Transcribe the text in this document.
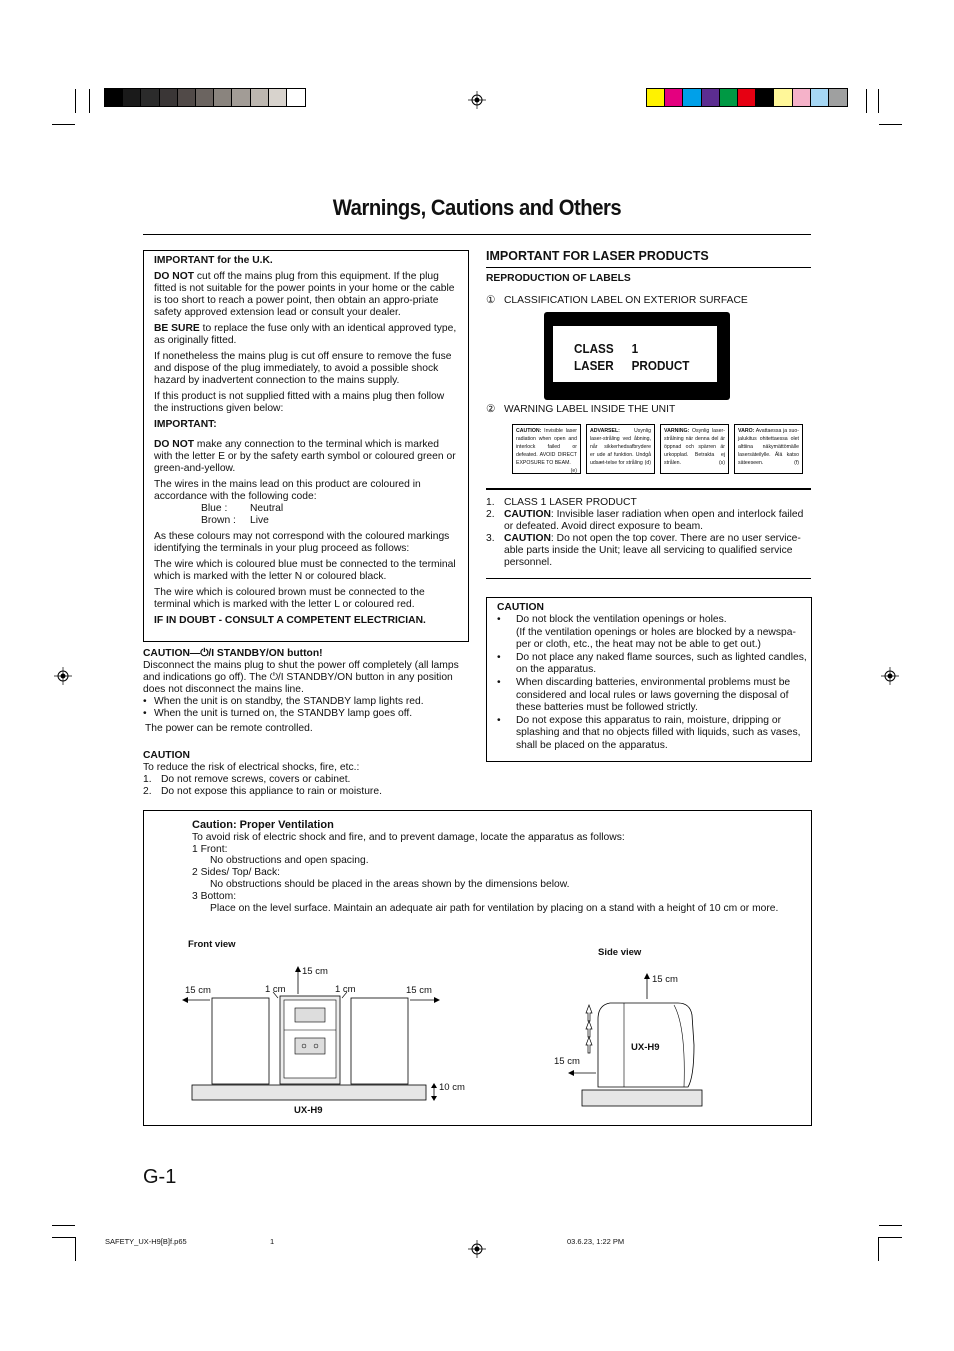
Warnings, Cautions and Others

IMPORTANT for the U.K.

DO NOT cut off the mains plug from this equipment. If the plug fitted is not suitable for the power points in your home or the cable is too short to reach a power point, then obtain an appro-priate safety approved extension lead or consult your dealer.

BE SURE to replace the fuse only with an identical approved type, as originally fitted.

If nonetheless the mains plug is cut off ensure to remove the fuse and dispose of the plug immediately, to avoid a possible shock hazard by inadvertent connection to the mains supply.

If this product is not supplied fitted with a mains plug then follow the instructions given below:

IMPORTANT:

DO NOT make any connection to the terminal which is marked with the letter E or by the safety earth symbol or coloured green or green-and-yellow.

The wires in the mains lead on this product are coloured in accordance with the following code:

Blue : Neutral
Brown : Live

As these colours may not correspond with the coloured markings identifying the terminals in your plug proceed as follows:

The wire which is coloured blue must be connected to the terminal which is marked with the letter N or coloured black.

The wire which is coloured brown must be connected to the terminal which is marked with the letter L or coloured red.

IF IN DOUBT - CONSULT A COMPETENT ELECTRICIAN.

CAUTION—⏻/I STANDBY/ON button!

Disconnect the mains plug to shut the power off completely (all lamps and indications go off). The ⏻/I STANDBY/ON button in any position does not disconnect the mains line.

• When the unit is on standby, the STANDBY lamp lights red.
• When the unit is turned on, the STANDBY lamp goes off.

The power can be remote controlled.

CAUTION

To reduce the risk of electrical shocks, fire, etc.:

1. Do not remove screws, covers or cabinet.
2. Do not expose this appliance to rain or moisture.
IMPORTANT FOR LASER PRODUCTS
REPRODUCTION OF LABELS
① CLASSIFICATION LABEL ON EXTERIOR SURFACE
CLASS 1
LASER PRODUCT
② WARNING LABEL INSIDE THE UNIT
CAUTION: Invisible laser radiation when open and interlock failed or defeated. AVOID DIRECT EXPOSURE TO BEAM.
(e)
ADVARSEL: Usynlig laser-stråling ved åbning, når sikkerhedsafbrydere er ude af funktion. Undgå udsæt-telse for stråling (d)
VARNING: Osynlig laser-strålning när denna del är öppnad och spärren är urkopplad. Betrakta ej strålen.	(s)
VARO: Avattaessa ja suo-jalukitus ohitettaessa olet alttiina näkymättömälle lasersäteilylle. Älä katso säteeseen.	(f)
1. CLASS 1 LASER PRODUCT
2. CAUTION: Invisible laser radiation when open and interlock failed or defeated. Avoid direct exposure to beam.
3. CAUTION: Do not open the top cover. There are no user service-able parts inside the Unit; leave all servicing to qualified service personnel.

CAUTION

• Do not block the ventilation openings or holes.
(If the ventilation openings or holes are blocked by a newspa-per or cloth, etc., the heat may not be able to get out.)
• Do not place any naked flame sources, such as lighted candles, on the apparatus.
• When discarding batteries, environmental problems must be considered and local rules or laws governing the disposal of these batteries must be followed strictly.
• Do not expose this apparatus to rain, moisture, dripping or splashing and that no objects filled with liquids, such as vases, shall be placed on the apparatus.

Caution: Proper Ventilation

To avoid risk of electric shock and fire, and to prevent damage, locate the apparatus as follows:

1 Front:

No obstructions and open spacing.

2 Sides/ Top/ Back:

No obstructions should be placed in the areas shown by the dimensions below.

3 Bottom:

Place on the level surface. Maintain an adequate air path for ventilation by placing on a stand with a height of 10 cm or more.

Front view
15 cm
15 cm	1 cm	1 cm	15 cm
10 cm
UX-H9
Side view
15 cm
15 cm
UX-H9
G-1
SAFETY_UX-H9[B]f.p65	1	03.6.23, 1:22 PM
